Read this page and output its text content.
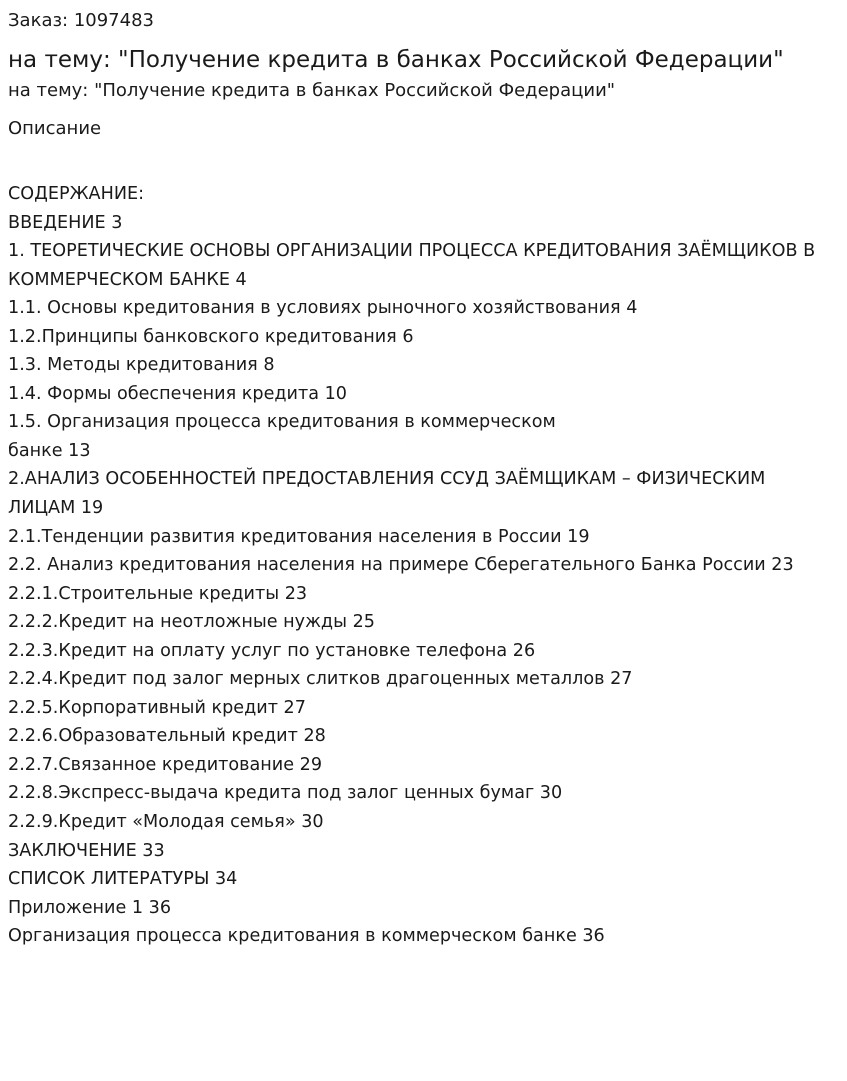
Заказ: 1097483
на тему: "Получение кредита в банках Российской Федерации"
на тему: "Получение кредита в банках Российской Федерации"
Описание
СОДЕРЖАНИЕ:
ВВЕДЕНИЕ 3
1. ТЕОРЕТИЧЕСКИЕ ОСНОВЫ ОРГАНИЗАЦИИ ПРОЦЕССА КРЕДИТОВАНИЯ ЗАЁМЩИКОВ В КОММЕРЧЕСКОМ БАНКЕ 4
1.1. Основы кредитования в условиях рыночного хозяйствования 4
1.2.Принципы банковского кредитования 6
1.3. Методы кредитования 8
1.4. Формы обеспечения кредита 10
1.5. Организация процесса кредитования в коммерческом
банке 13
2.АНАЛИЗ ОСОБЕННОСТЕЙ ПРЕДОСТАВЛЕНИЯ ССУД ЗАЁМЩИКАМ – ФИЗИЧЕСКИМ ЛИЦАМ 19
2.1.Тенденции развития кредитования населения в России 19
2.2. Анализ кредитования населения на примере Сберегательного Банка России 23
2.2.1.Строительные кредиты 23
2.2.2.Кредит на неотложные нужды 25
2.2.3.Кредит на оплату услуг по установке телефона 26
2.2.4.Кредит под залог мерных слитков драгоценных металлов 27
2.2.5.Корпоративный кредит 27
2.2.6.Образовательный кредит 28
2.2.7.Связанное кредитование 29
2.2.8.Экспресс-выдача кредита под залог ценных бумаг 30
2.2.9.Кредит «Молодая семья» 30
ЗАКЛЮЧЕНИЕ 33
СПИСОК ЛИТЕРАТУРЫ 34
Приложение 1 36
Организация процесса кредитования в коммерческом банке 36
